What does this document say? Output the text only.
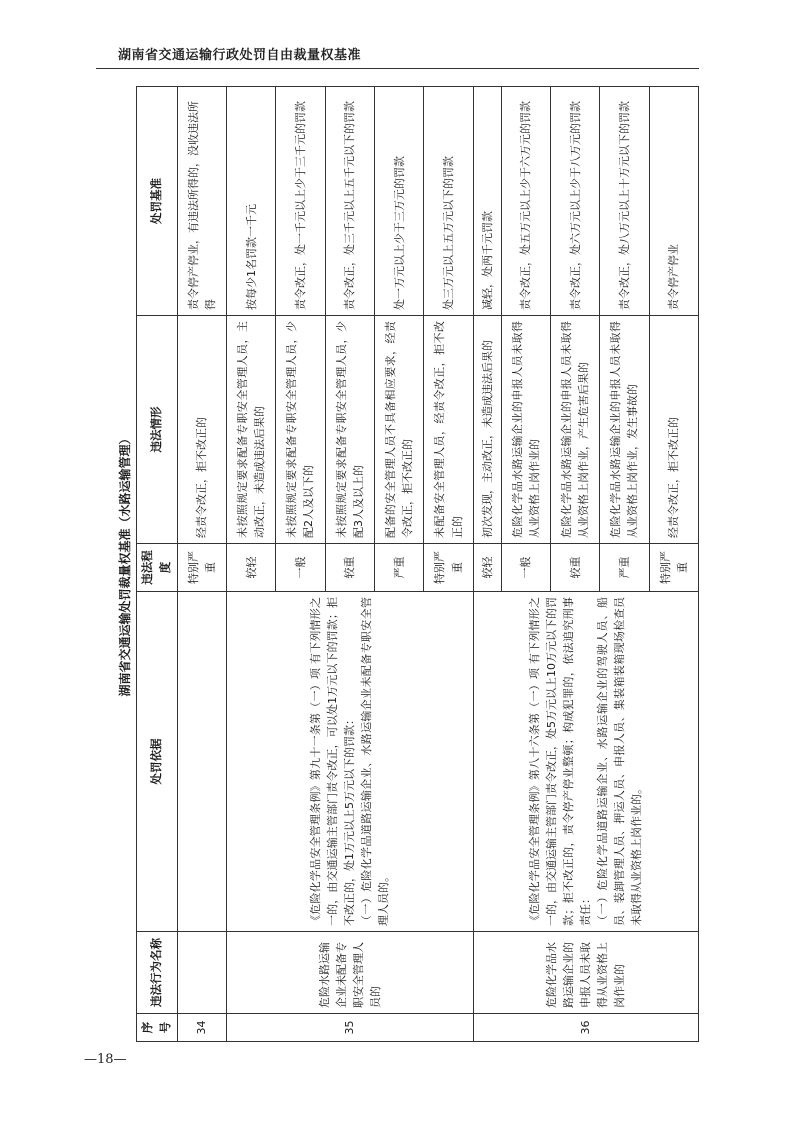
湖南省交通运输行政处罚自由裁量权基准
湖南省交通运输处罚裁量权基准（水路运输管理）
序号	违法行为名称	处罚依据	违法程度	违法情形	处罚基准
34			特别严重	经责令改正，拒不改正的	责令停产停业，有违法所得的，没收违法所得
35	危险水路运输企业未配备专职安全管理人员的	《危险化学品安全管理条例》第九十一条第（一）项 有下列情形之一的，由交通运输主管部门责令改正，可以处1万元以下的罚款；拒不改正的，处1万元以上5万元以下的罚款： （一）危险化学品道路运输企业、水路运输企业未配备专职安全管理人员的。	较轻	未按照规定要求配备专职安全管理人员，主动改正，未造成违法后果的	按每少1名罚款一千元
			一般	未按照规定要求配备专职安全管理人员，少配2人及以下的	责令改正，处一千元以上少于三千元的罚款
			较重	未按照规定要求配备专职安全管理人员，少配3人及以上的	责令改正，处三千元以上五千元以下的罚款
			严重	配备的安全管理人员不具备相应要求，经责令改正，拒不改正的	处一万元以上少于三万元的罚款
			特别严重	未配备安全管理人员，经责令改正，拒不改正的	处三万元以上五万元以下的罚款
36	危险化学品水路运输企业的申报人员未取得从业资格上岗作业的	《危险化学品安全管理条例》第八十六条第（一）项 有下列情形之一的，由交通运输主管部门责令改正，处5万元以上10万元以下的罚款；拒不改正的，责令停产停业整顿；构成犯罪的，依法追究刑事责任： （一）危险化学品道路运输企业、水路运输企业的驾驶人员、船员、装卸管理人员、押运人员、申报人员、集装箱装箱现场检查员未取得从业资格上岗作业的。	较轻	初次发现，主动改正，未造成违法后果的	减轻，处两千元罚款
			一般	危险化学品水路运输企业的申报人员未取得从业资格上岗作业的	责令改正，处五万元以上少于六万元的罚款
			较重	危险化学品水路运输企业的申报人员未取得从业资格上岗作业，产生危害后果的	责令改正，处六万元以上少于八万元的罚款
			严重	危险化学品水路运输企业的申报人员未取得从业资格上岗作业，发生事故的	责令改正，处八万元以上十万元以下的罚款
			特别严重	经责令改正，拒不改正的	责令停产停业
—18—
